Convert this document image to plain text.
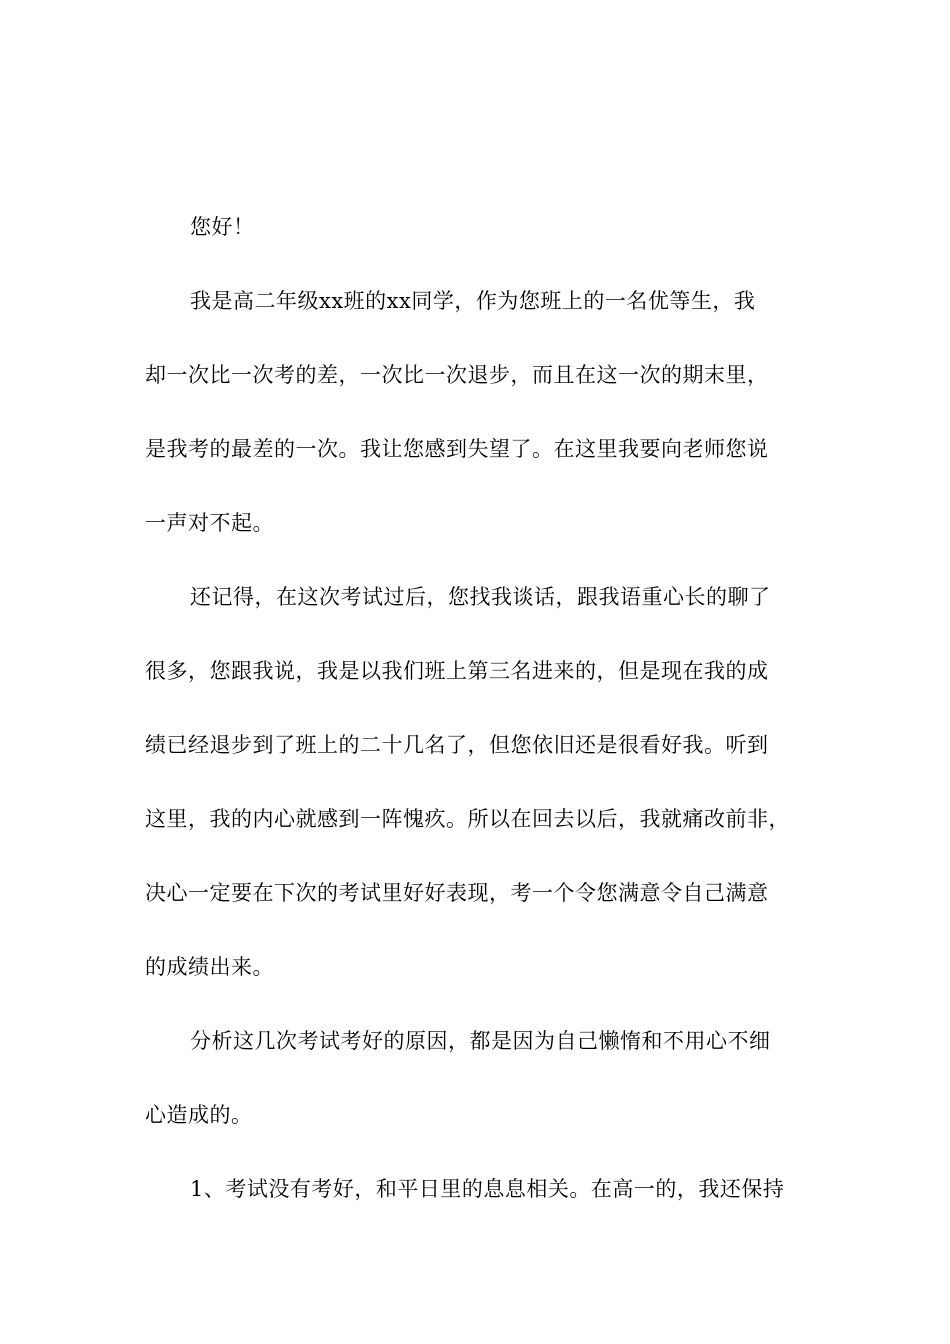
您好！
我是高二年级xx班的xx同学，作为您班上的一名优等生，我
却一次比一次考的差，一次比一次退步，而且在这一次的期末里，
是我考的最差的一次。我让您感到失望了。在这里我要向老师您说
一声对不起。
还记得，在这次考试过后，您找我谈话，跟我语重心长的聊了
很多，您跟我说，我是以我们班上第三名进来的，但是现在我的成
绩已经退步到了班上的二十几名了，但您依旧还是很看好我。听到
这里，我的内心就感到一阵愧疚。所以在回去以后，我就痛改前非，
决心一定要在下次的考试里好好表现，考一个令您满意令自己满意
的成绩出来。
分析这几次考试考好的原因，都是因为自己懒惰和不用心不细
心造成的。
1、考试没有考好，和平日里的息息相关。在高一的，我还保持
